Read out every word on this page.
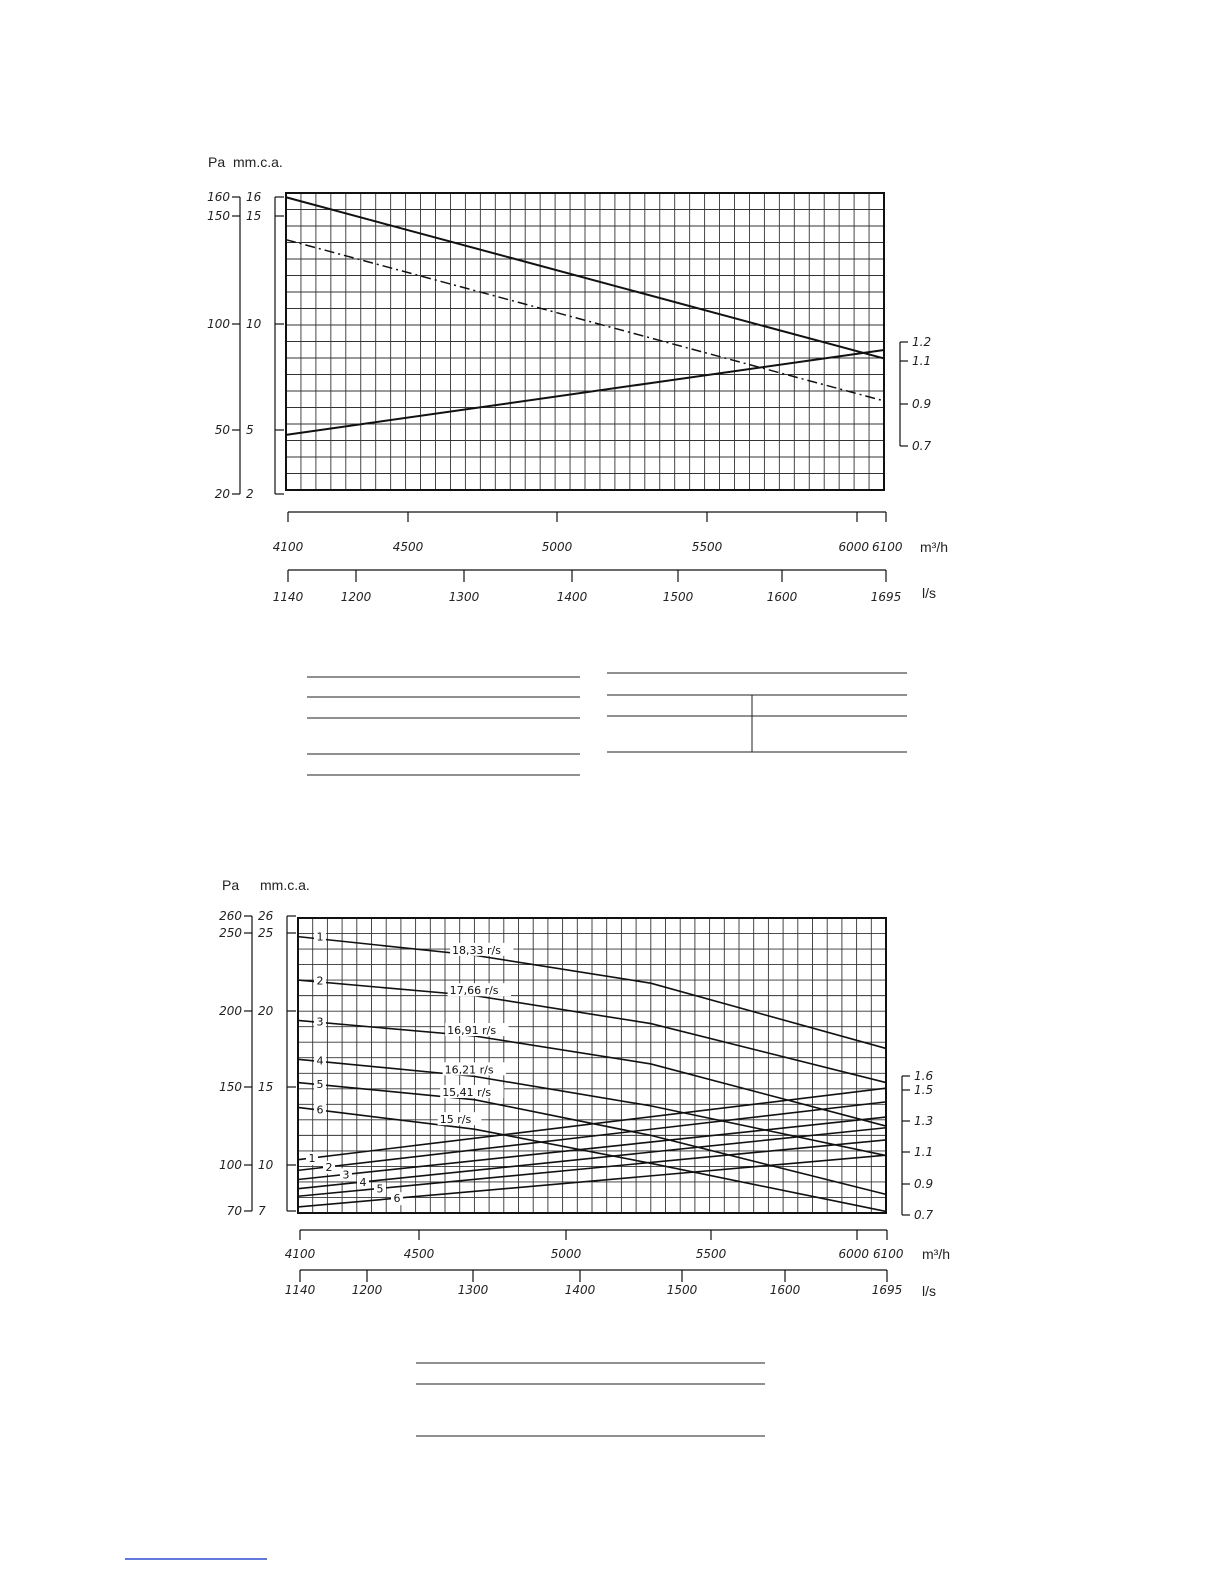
Pa mm.c.a.
m³/h
l/s
Pa mm.c.a.
m³/h
l/s
160
150
100
50
20
16
15
10
5
2
1.2
1.1
0.9
0.7
4100	4500	5000	5500	6000 6100
1140	1200	1300	1400	1500	1600	1695
260
250
200
150
100
70
26
25
20
15
10
7
1.6
1.5
1.3
1.1
0.9
0.7
4100	4500	5000	5500	6000 6100
1140	1200	1300	1400	1500	1600	1695
1
18,33 r/s
2
17,66 r/s
3
16,91 r/s
4
16,21 r/s
5
15,41 r/s
6
15 r/s
1
2
3
4 5
6
